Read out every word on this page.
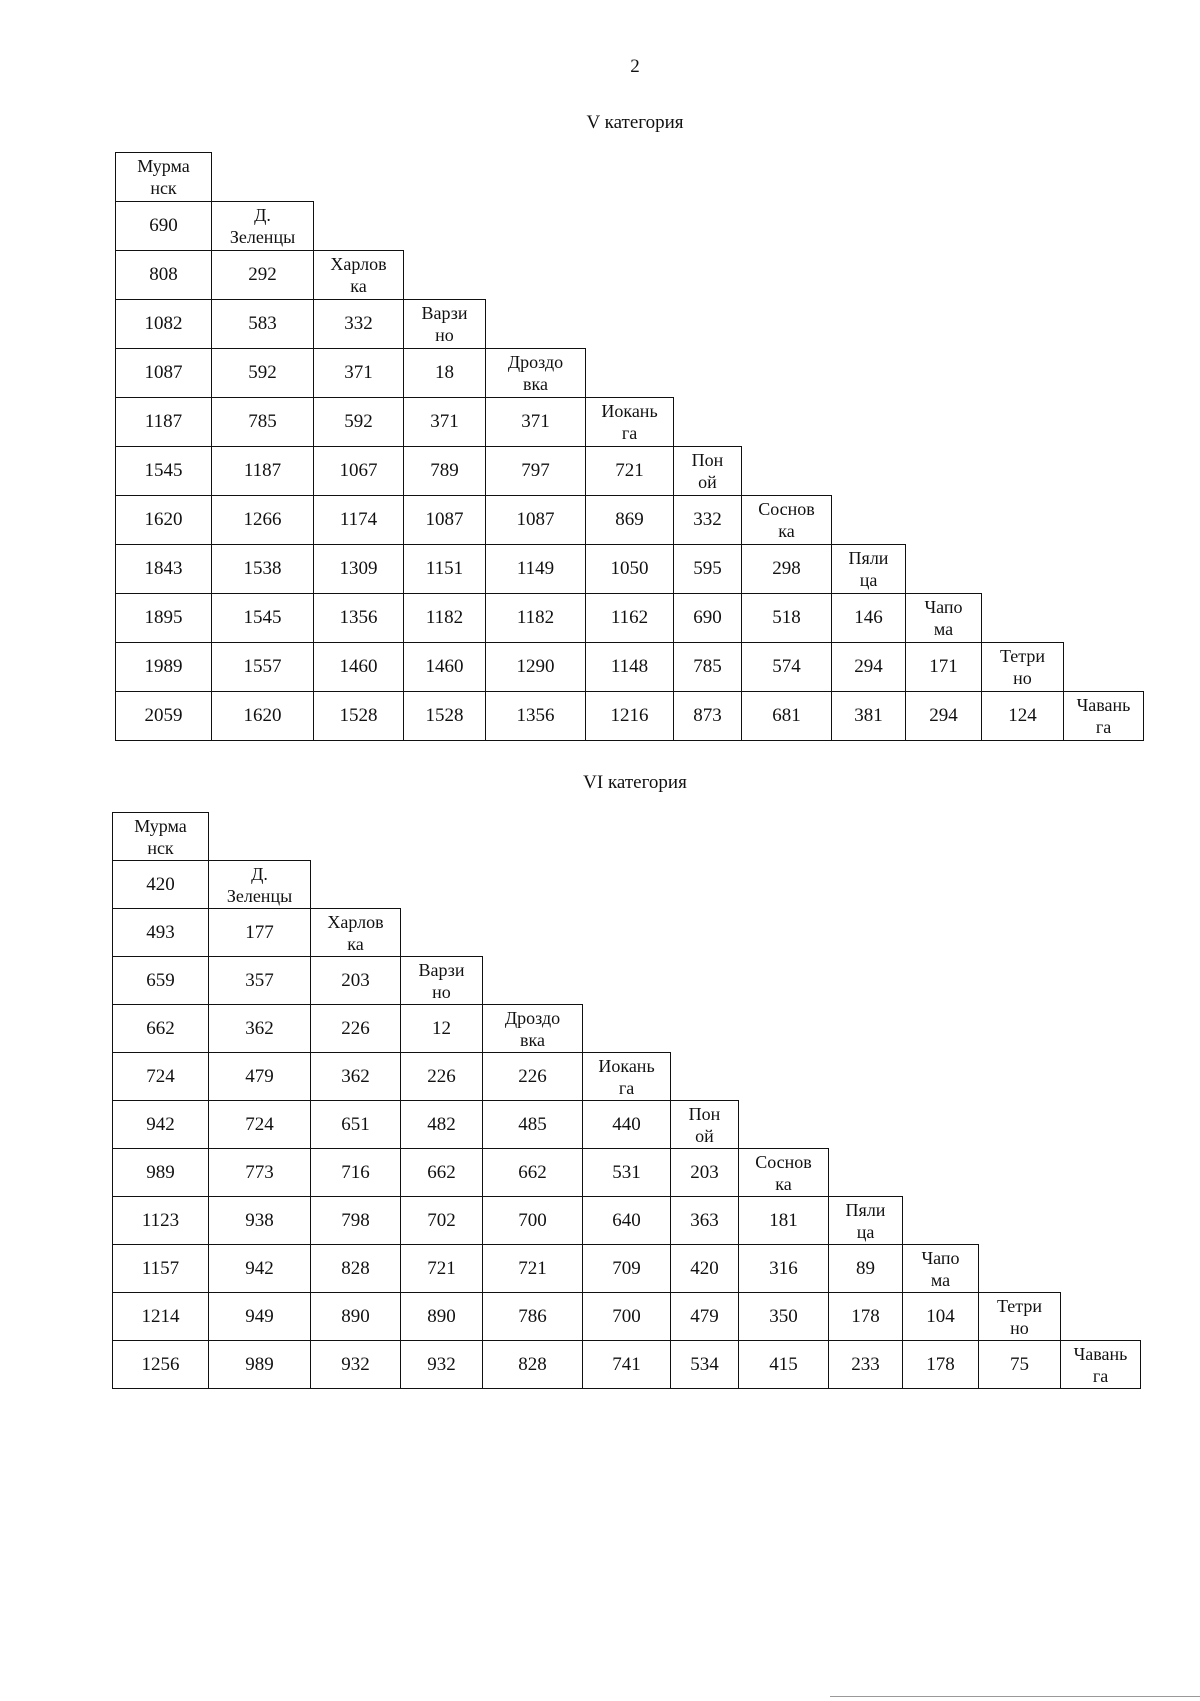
2
V категория
Мурма
нск											
690	Д.
Зеленцы										
808	292	Харлов
ка									
1082	583	332	Варзи
но								
1087	592	371	18	Дроздо
вка							
1187	785	592	371	371	Иокань
га						
1545	1187	1067	789	797	721	Пон
ой					
1620	1266	1174	1087	1087	869	332	Соснов
ка				
1843	1538	1309	1151	1149	1050	595	298	Пяли
ца			
1895	1545	1356	1182	1182	1162	690	518	146	Чапо
ма		
1989	1557	1460	1460	1290	1148	785	574	294	171	Тетри
но	
2059	1620	1528	1528	1356	1216	873	681	381	294	124	Чавань
га
VI категория
Мурма
нск											
420	Д.
Зеленцы										
493	177	Харлов
ка									
659	357	203	Варзи
но								
662	362	226	12	Дроздо
вка							
724	479	362	226	226	Иокань
га						
942	724	651	482	485	440	Пон
ой					
989	773	716	662	662	531	203	Соснов
ка				
1123	938	798	702	700	640	363	181	Пяли
ца			
1157	942	828	721	721	709	420	316	89	Чапо
ма		
1214	949	890	890	786	700	479	350	178	104	Тетри
но	
1256	989	932	932	828	741	534	415	233	178	75	Чавань
га
